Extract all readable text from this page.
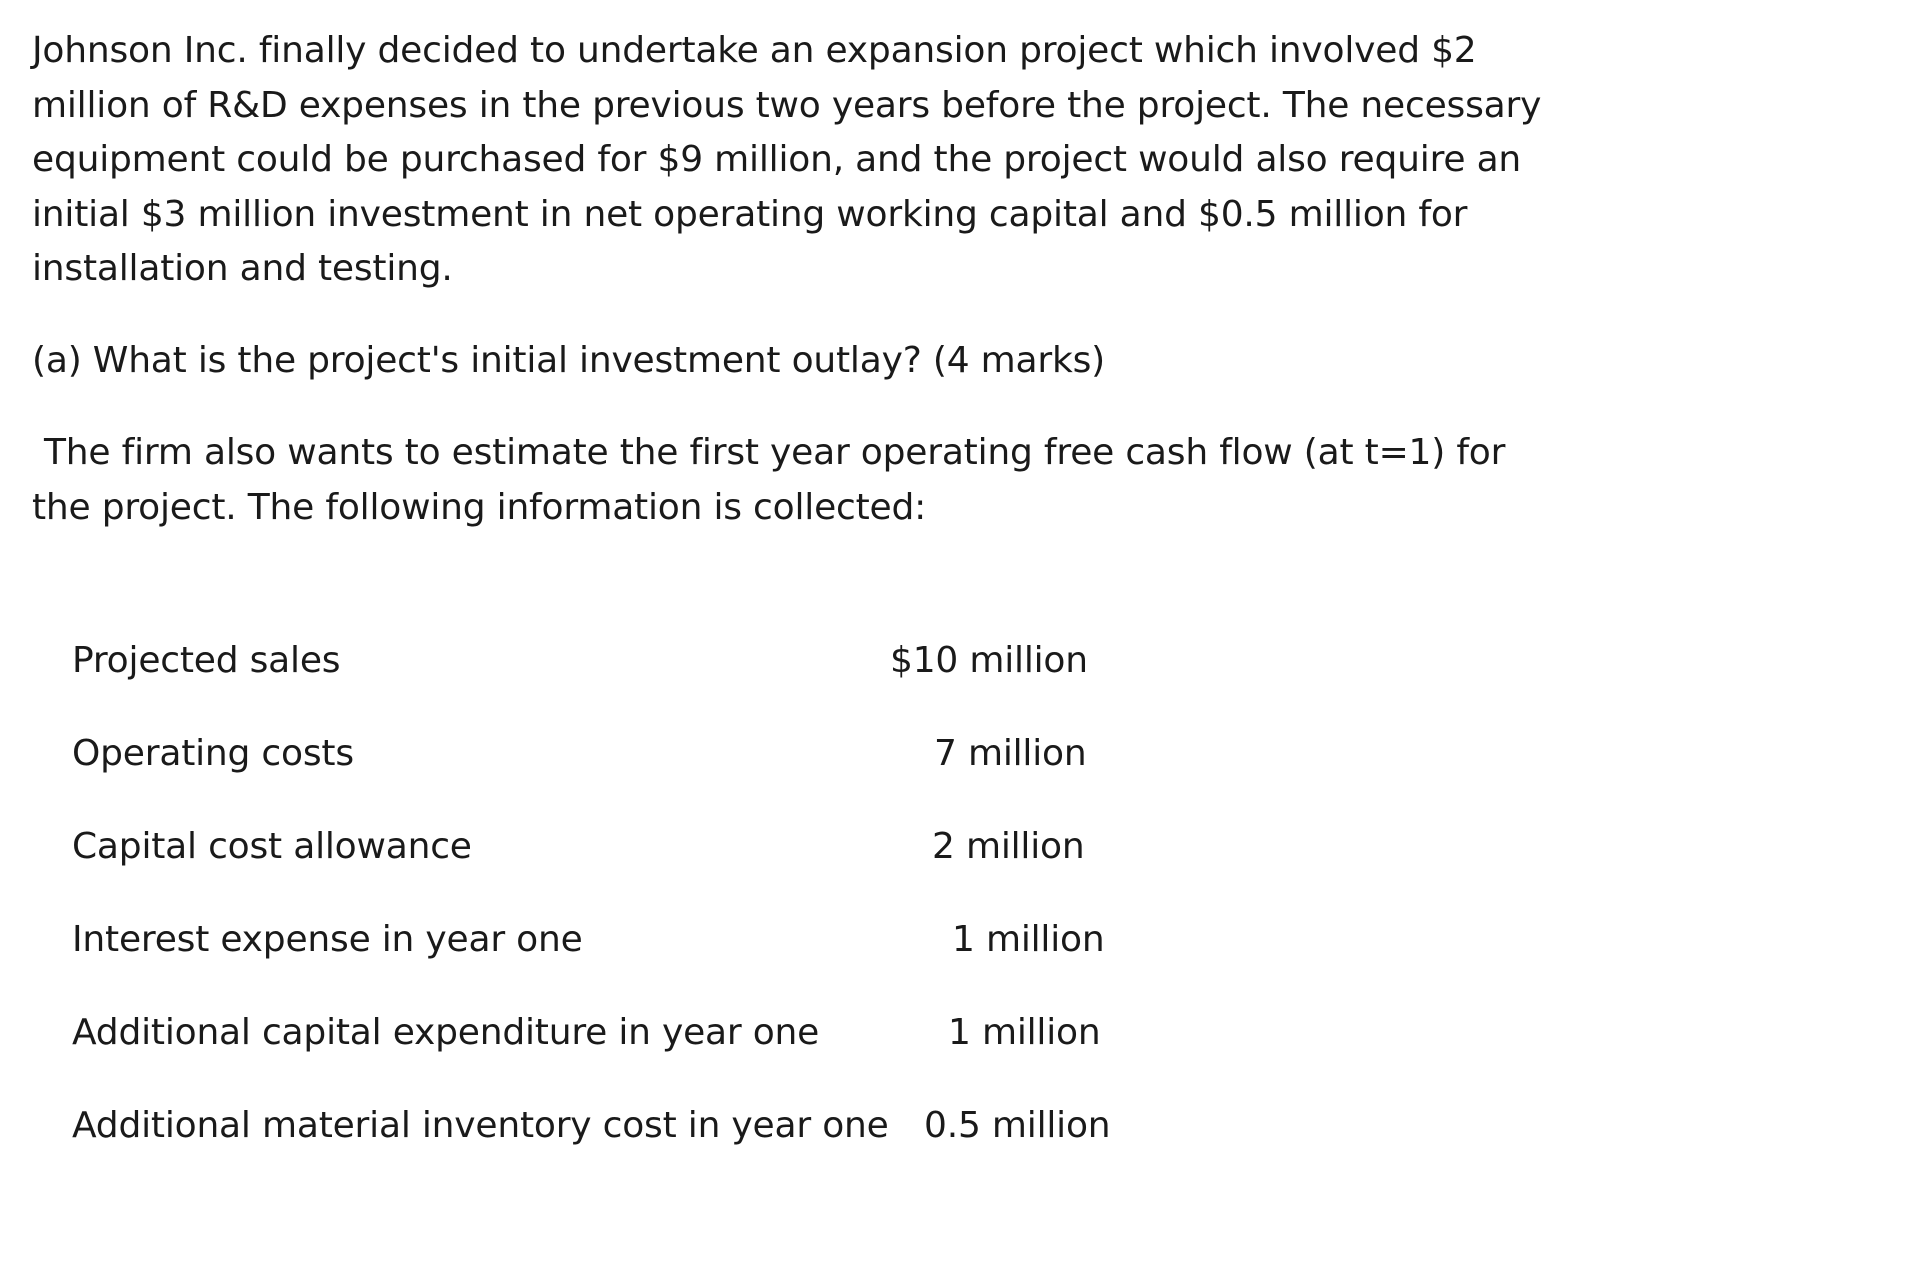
Johnson Inc. finally decided to undertake an expansion project which involved $2
million of R&D expenses in the previous two years before the project. The necessary
equipment could be purchased for $9 million, and the project would also require an
initial $3 million investment in net operating working capital and $0.5 million for
installation and testing.

(a) What is the project's initial investment outlay? (4 marks)

The firm also wants to estimate the first year operating free cash flow (at t=1) for
the project. The following information is collected:

Projected sales	$10 million
Operating costs	7 million
Capital cost allowance	2 million
Interest expense in year one	1 million
Additional capital expenditure in year one	1 million
Additional material inventory cost in year one 0.5 million
